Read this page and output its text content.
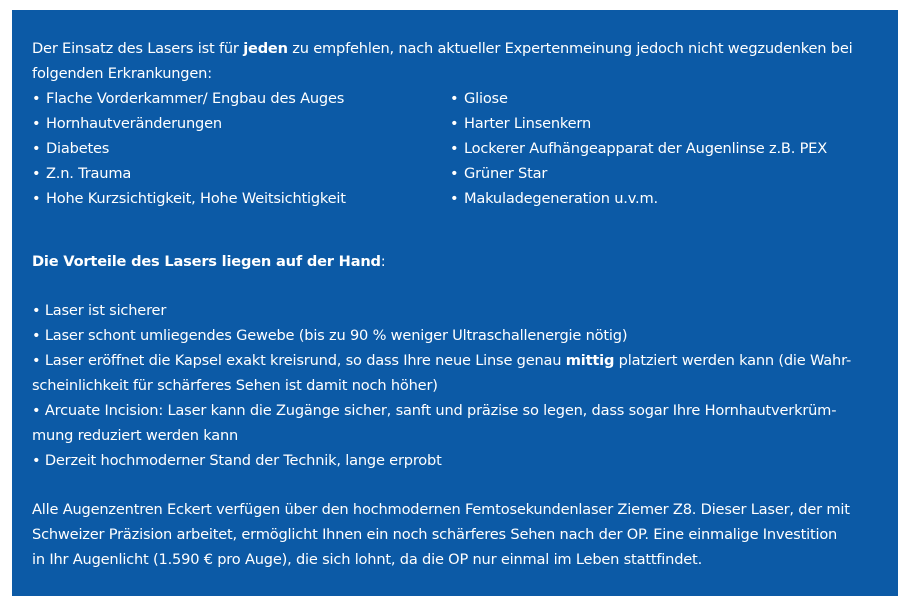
Der Einsatz des Lasers ist für jeden zu empfehlen, nach aktueller Expertenmeinung jedoch nicht wegzudenken bei folgenden Erkrankungen:

• Flache Vorderkammer/ Engbau des Auges
• Hornhautveränderungen
• Diabetes
• Z.n. Trauma
• Hohe Kurzsichtigkeit, Hohe Weitsichtigkeit
• Gliose
• Harter Linsenkern
• Lockerer Aufhängeapparat der Augenlinse z.B. PEX
• Grüner Star
• Makuladegeneration u.v.m.

Die Vorteile des Lasers liegen auf der Hand:

• Laser ist sicherer

• Laser schont umliegendes Gewebe (bis zu 90 % weniger Ultraschallenergie nötig)

• Laser eröffnet die Kapsel exakt kreisrund, so dass Ihre neue Linse genau mittig platziert werden kann (die Wahr-

scheinlichkeit für schärferes Sehen ist damit noch höher)

• Arcuate Incision: Laser kann die Zugänge sicher, sanft und präzise so legen, dass sogar Ihre Hornhautverkrüm-

mung reduziert werden kann

• Derzeit hochmoderner Stand der Technik, lange erprobt

Alle Augenzentren Eckert verfügen über den hochmodernen Femtosekundenlaser Ziemer Z8. Dieser Laser, der mit

Schweizer Präzision arbeitet, ermöglicht Ihnen ein noch schärferes Sehen nach der OP. Eine einmalige Investition

in Ihr Augenlicht (1.590 € pro Auge), die sich lohnt, da die OP nur einmal im Leben stattfindet.
